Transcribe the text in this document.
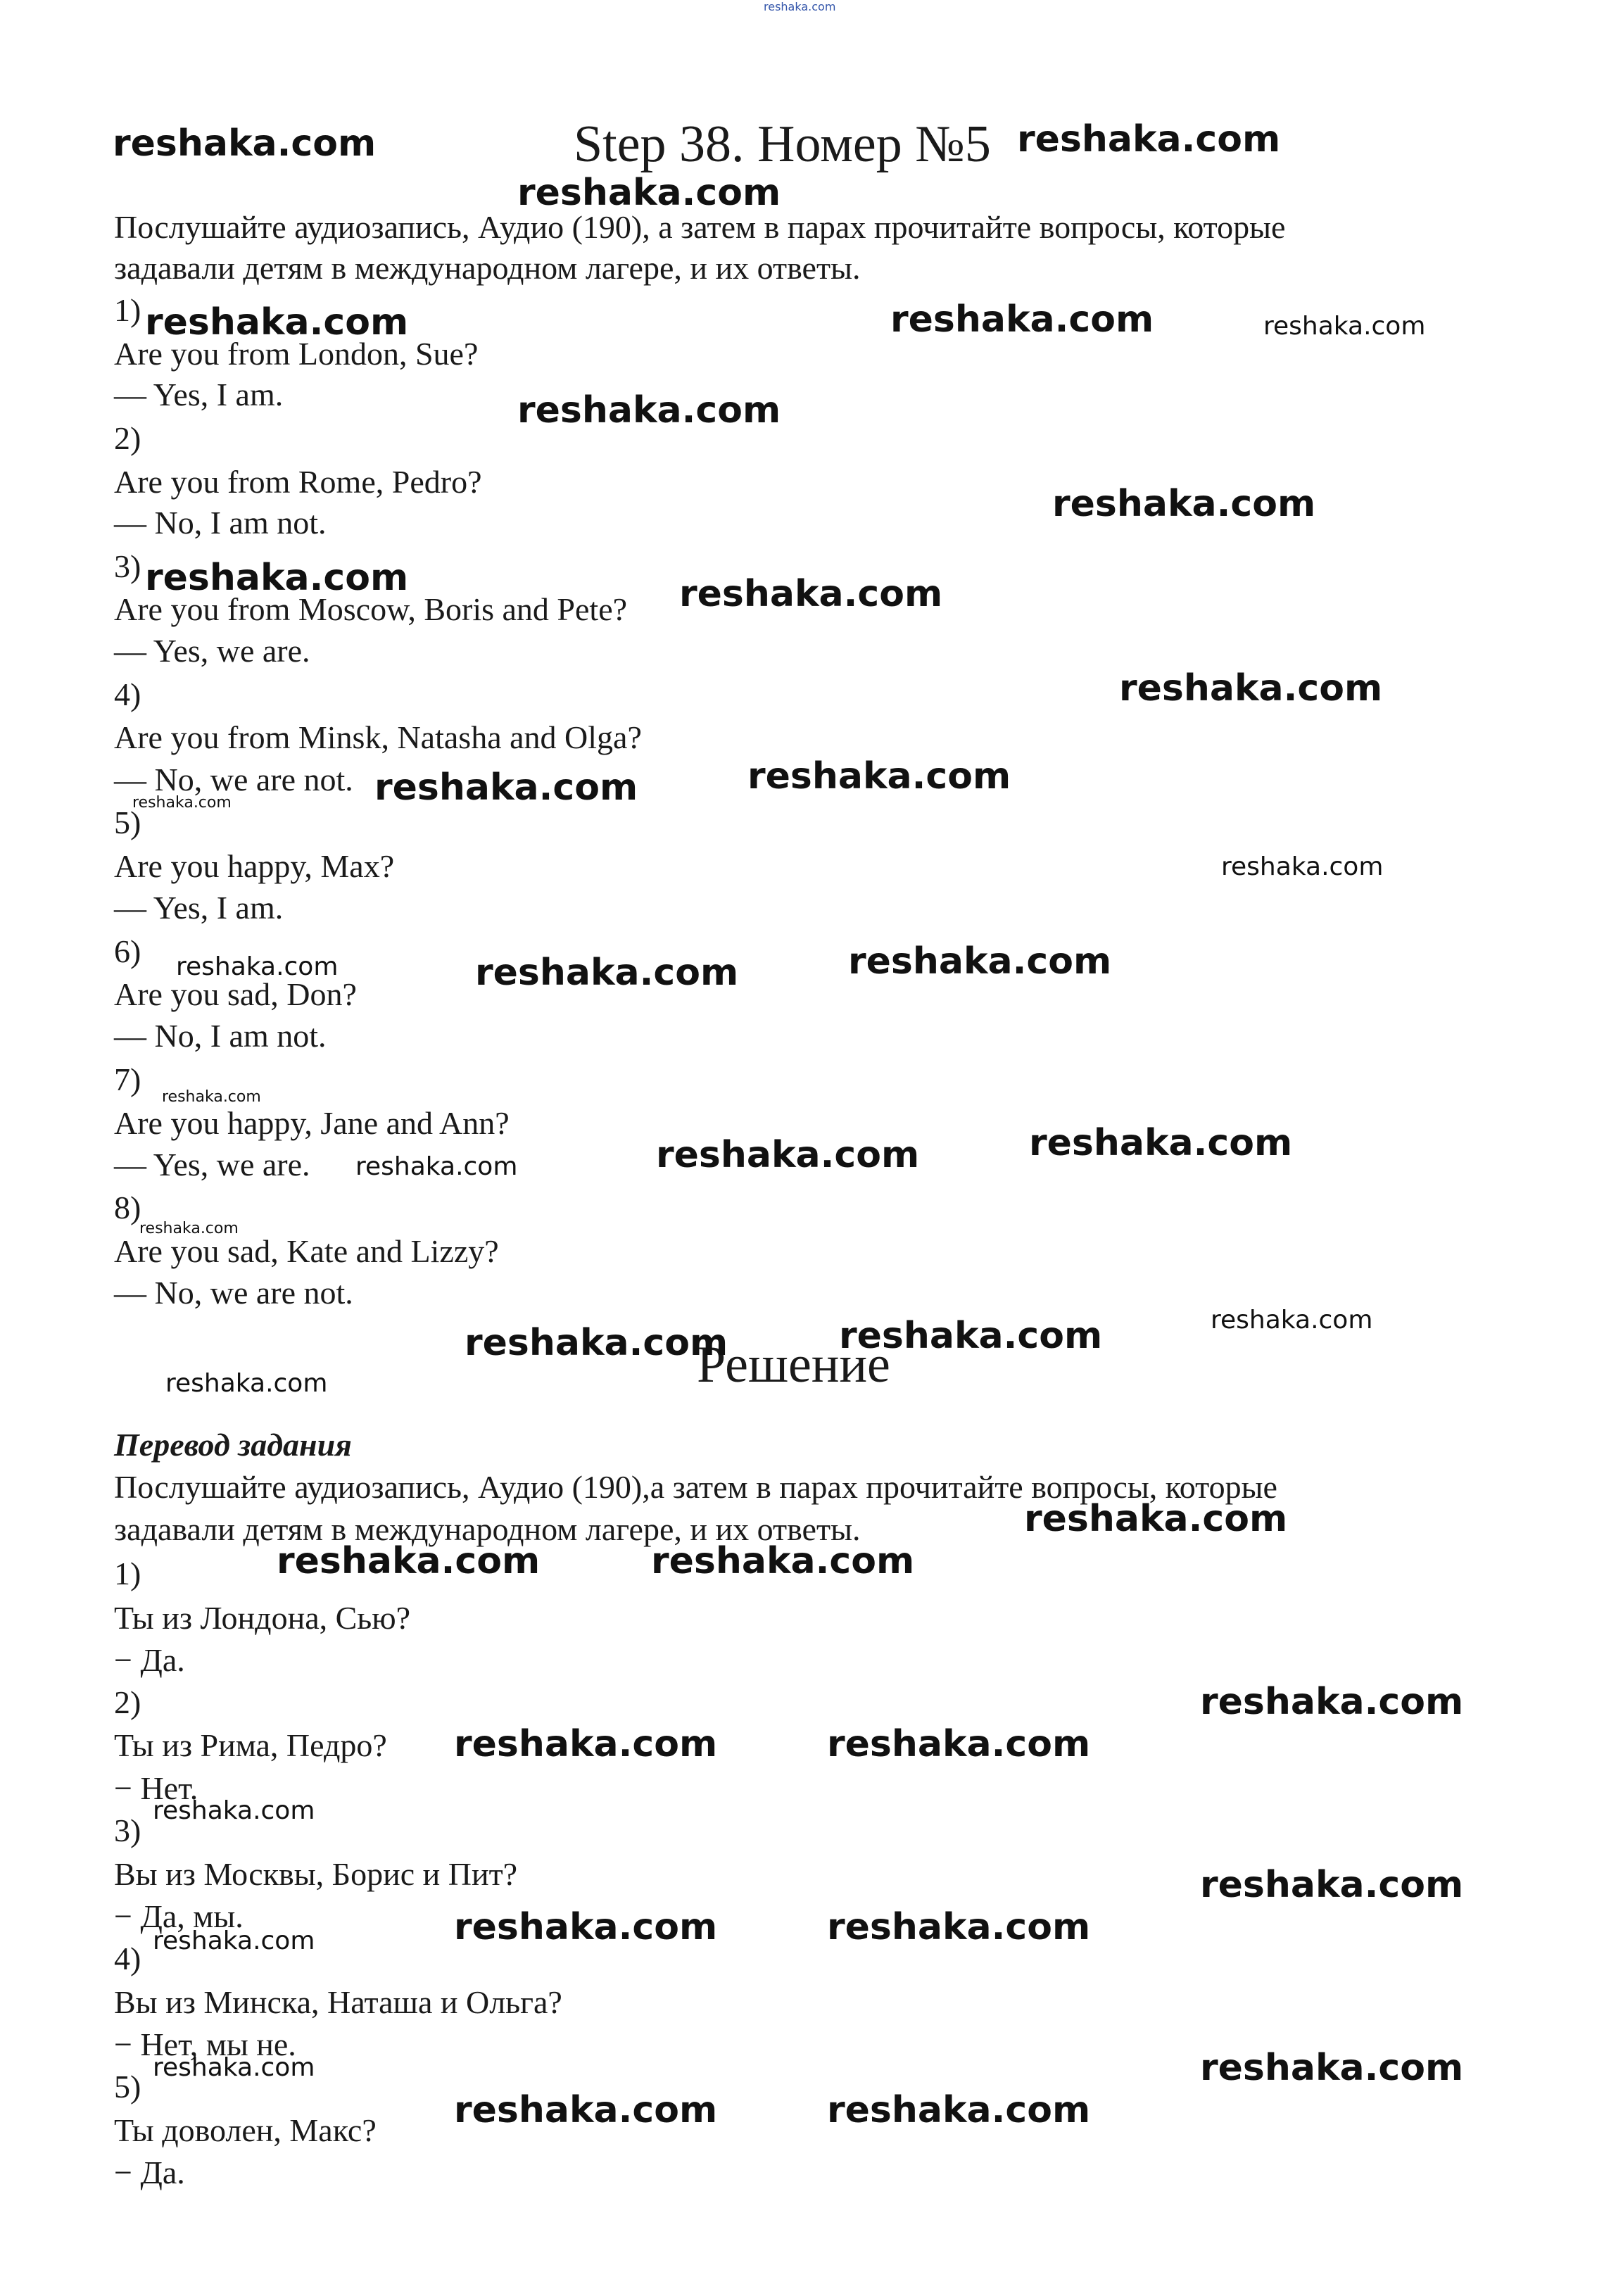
Step 38. Номер №5
Послушайте аудиозапись, Аудио (190), а затем в парах прочитайте вопросы, которые
задавали детям в международном лагере, и их ответы.
1)
Are you from London, Sue?
— Yes, I am.
2)
Are you from Rome, Pedro?
— No, I am not.
3)
Are you from Moscow, Boris and Pete?
— Yes, we are.
4)
Are you from Minsk, Natasha and Olga?
— No, we are not.
5)
Are you happy, Max?
— Yes, I am.
6)
Are you sad, Don?
— No, I am not.
7)
Are you happy, Jane and Ann?
— Yes, we are.
8)
Are you sad, Kate and Lizzy?
— No, we are not.
Решение
Перевод задания
Послушайте аудиозапись, Аудио (190),а затем в парах прочитайте вопросы, которые
задавали детям в международном лагере, и их ответы.
1)
Ты из Лондона, Сью?
− Да.
2)
Ты из Рима, Педро?
− Нет.
3)
Вы из Москвы, Борис и Пит?
− Да, мы.
4)
Вы из Минска, Наташа и Ольга?
− Нет, мы не.
5)
Ты доволен, Макс?
− Да.
reshaka.com
reshaka.com	reshaka.com
reshaka.com
reshaka.com	reshaka.com	reshaka.com
reshaka.com
reshaka.com
reshaka.com	reshaka.com
reshaka.com
reshaka.com
reshaka.com
reshaka.com
reshaka.com
reshaka.com
reshaka.com	reshaka.com
reshaka.com
reshaka.com
reshaka.com	reshaka.com
reshaka.com
reshaka.com	reshaka.com
reshaka.com
reshaka.com
reshaka.com
reshaka.com	reshaka.com
reshaka.com
reshaka.com	reshaka.com
reshaka.com
reshaka.com
reshaka.com	reshaka.com
reshaka.com
reshaka.com	reshaka.com
reshaka.com	reshaka.com
